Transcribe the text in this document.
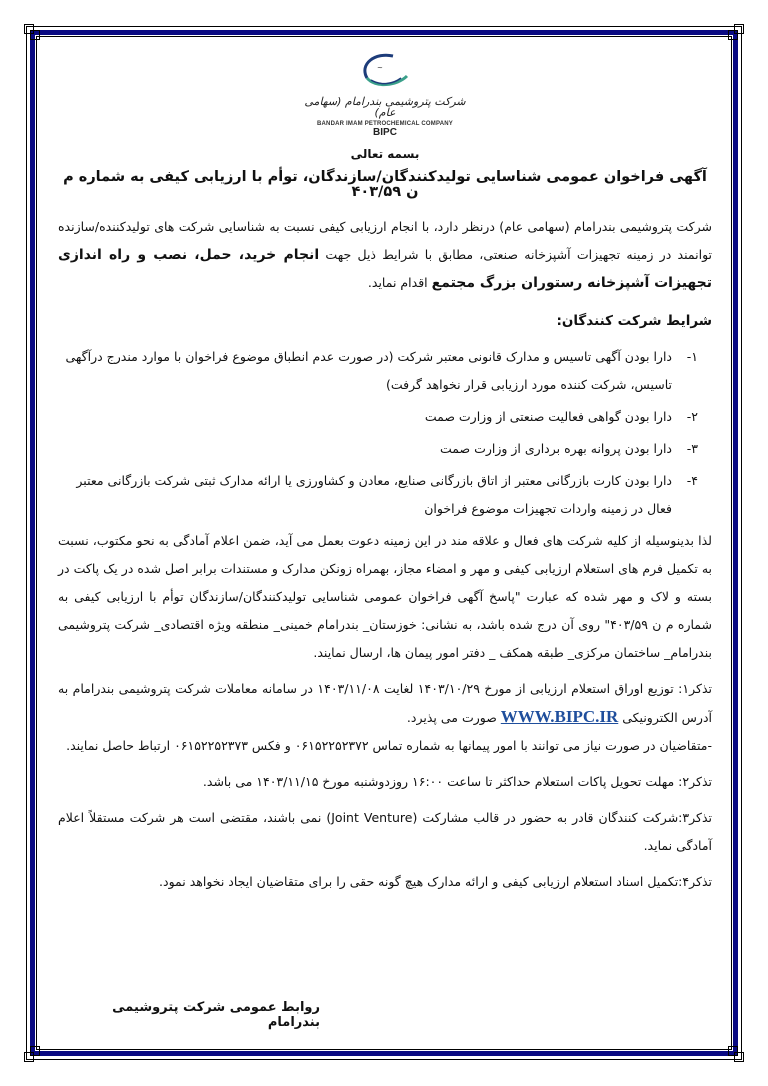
~
شرکت پتروشیمی بندرامام (سهامی عام)
BANDAR IMAM PETROCHEMICAL COMPANY
BIPC
بسمه تعالی
آگهی فراخوان عمومی شناسایی تولیدکنندگان/سازندگان، توأم با ارزیابی کیفی به شماره م ن ۴۰۳/۵۹

شرکت پتروشیمی بندرامام (سهامی عام) درنظر دارد، با انجام ارزیابی کیفی نسبت به شناسایی شرکت های تولیدکننده/سازنده توانمند در زمینه تجهیزات آشپزخانه صنعتی، مطابق با شرایط ذیل جهت انجام خرید، حمل، نصب و راه اندازی تجهیزات آشپزخانه رستوران بزرگ مجتمع اقدام نماید.

شرایط شرکت کنندگان:
۱-
دارا بودن آگهی تاسیس و مدارک قانونی معتبر شرکت (در صورت عدم انطباق موضوع فراخوان با موارد مندرج درآگهی تاسیس، شرکت کننده مورد ارزیابی قرار نخواهد گرفت)
۲-
دارا بودن گواهی فعالیت صنعتی از وزارت صمت
۳-
دارا بودن پروانه بهره برداری از وزارت صمت
۴-
دارا بودن کارت بازرگانی معتبر از اتاق بازرگانی صنایع، معادن و کشاورزی یا ارائه مدارک ثبتی شرکت بازرگانی معتبر فعال در زمینه واردات تجهیزات موضوع فراخوان

لذا بدینوسیله از کلیه شرکت های فعال و علاقه مند در این زمینه دعوت بعمل می آید، ضمن اعلام آمادگی به نحو مکتوب، نسبت به تکمیل فرم های استعلام ارزیابی کیفی و مهر و امضاء مجاز، بهمراه زونکن مدارک و مستندات برابر اصل شده در یک پاکت در بسته و لاک و مهر شده که عبارت "پاسخ آگهی فراخوان عمومی شناسایی تولیدکنندگان/سازندگان توأم با ارزیابی کیفی به شماره م ن ۴۰۳/۵۹" روی آن درج شده باشد، به نشانی: خوزستان_ بندرامام خمینی_ منطقه ویژه اقتصادی_ شرکت پتروشیمی بندرامام_ ساختمان مرکزی_ طبقه همکف _ دفتر امور پیمان ها، ارسال نمایند.

تذکر۱: توزیع اوراق استعلام ارزیابی از مورخ ۱۴۰۳/۱۰/۲۹ لغایت ۱۴۰۳/۱۱/۰۸ در سامانه معاملات شرکت پتروشیمی بندرامام به آدرس الکترونیکی WWW.BIPC.IR صورت می پذیرد.

-متقاضیان در صورت نیاز می توانند با امور پیمانها به شماره تماس ۰۶۱۵۲۲۵۲۳۷۲ و فکس ۰۶۱۵۲۲۵۲۳۷۳ ارتباط حاصل نمایند.

تذکر۲: مهلت تحویل پاکات استعلام حداکثر تا ساعت ۱۶:۰۰ روزدوشنبه مورخ ۱۴۰۳/۱۱/۱۵ می باشد.

تذکر۳:شرکت کنندگان قادر به حضور در قالب مشارکت (Joint Venture) نمی باشند، مقتضی است هر شرکت مستقلاً اعلام آمادگی نماید.

تذکر۴:تکمیل اسناد استعلام ارزیابی کیفی و ارائه مدارک هیچ گونه حقی را برای متقاضیان ایجاد نخواهد نمود.

روابط عمومی شرکت پتروشیمی بندرامام
